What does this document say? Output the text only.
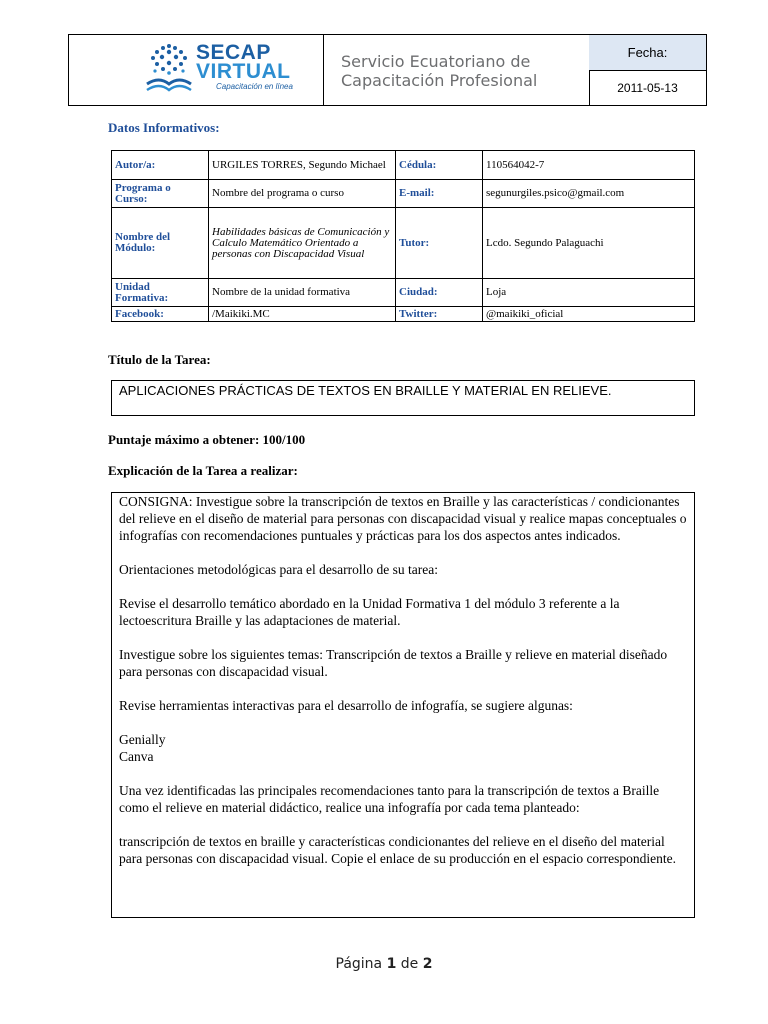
SECAP
VIRTUAL
Capacitación en línea
Servicio Ecuatoriano de
Capacitación Profesional
Fecha:
2011-05-13
Datos Informativos:
Autor/a:	URGILES TORRES, Segundo Michael	Cédula:	110564042-7
Programa o Curso:	Nombre del programa o curso	E-mail:	segunurgiles.psico@gmail.com
Nombre del Módulo:	Habilidades básicas de Comunicación y Calculo Matemático Orientado a personas con Discapacidad Visual	Tutor:	Lcdo. Segundo Palaguachi
Unidad Formativa:	Nombre de la unidad formativa	Ciudad:	Loja
Facebook:	/Maikiki.MC	Twitter:	@maikiki_oficial
Título de la Tarea:
APLICACIONES PRÁCTICAS DE TEXTOS EN BRAILLE Y MATERIAL EN RELIEVE.
Puntaje máximo a obtener: 100/100
Explicación de la Tarea a realizar:

CONSIGNA: Investigue sobre la transcripción de textos en Braille y las características / condicionantes del relieve en el diseño de material para personas con discapacidad visual y realice mapas conceptuales o infografías con recomendaciones puntuales y prácticas para los dos aspectos antes indicados.

Orientaciones metodológicas para el desarrollo de su tarea:

Revise el desarrollo temático abordado en la Unidad Formativa 1 del módulo 3 referente a la lectoescritura Braille y las adaptaciones de material.

Investigue sobre los siguientes temas: Transcripción de textos a Braille y relieve en material diseñado para personas con discapacidad visual.

Revise herramientas interactivas para el desarrollo de infografía, se sugiere algunas:

Genially

Canva

Una vez identificadas las principales recomendaciones tanto para la transcripción de textos a Braille como el relieve en material didáctico, realice una infografía por cada tema planteado:

transcripción de textos en braille y características condicionantes del relieve en el diseño del material para personas con discapacidad visual. Copie el enlace de su producción en el espacio correspondiente.

Página 1 de 2
